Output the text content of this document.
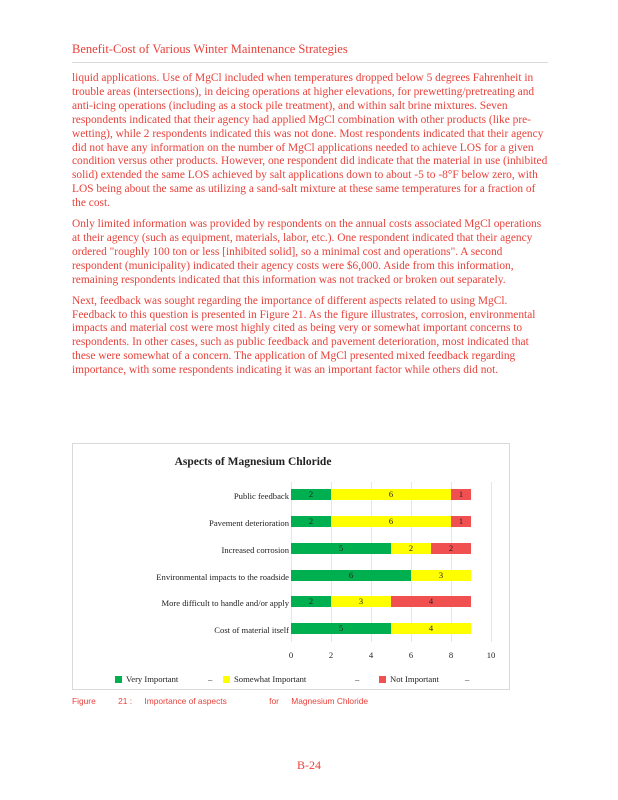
Benefit-Cost of Various Winter Maintenance Strategies

liquid applications. Use of MgCl included when temperatures dropped below 5 degrees Fahrenheit in trouble areas (intersections), in deicing operations at higher elevations, for prewetting/pretreating and anti-icing operations (including as a stock pile treatment), and within salt brine mixtures. Seven respondents indicated that their agency had applied MgCl combination with other products (like pre-wetting), while 2 respondents indicated this was not done. Most respondents indicated that their agency did not have any information on the number of MgCl applications needed to achieve LOS for a given condition versus other products. However, one respondent did indicate that the material in use (inhibited solid) extended the same LOS achieved by salt applications down to about -5 to -8°F below zero, with LOS being about the same as utilizing a sand-salt mixture at these same temperatures for a fraction of the cost.

Only limited information was provided by respondents on the annual costs associated MgCl operations at their agency (such as equipment, materials, labor, etc.). One respondent indicated that their agency ordered "roughly 100 ton or less [inhibited solid], so a minimal cost and operations". A second respondent (municipality) indicated their agency costs were $6,000. Aside from this information, remaining respondents indicated that this information was not tracked or broken out separately.

Next, feedback was sought regarding the importance of different aspects related to using MgCl. Feedback to this question is presented in Figure 21. As the figure illustrates, corrosion, environmental impacts and material cost were most highly cited as being very or somewhat important concerns to respondents. In other cases, such as public feedback and pavement deterioration, most indicated that these were somewhat of a concern. The application of MgCl presented mixed feedback regarding importance, with some respondents indicating it was an important factor while others did not.

Aspects of Magnesium Chloride
Public feedback
Pavement deterioration
Increased corrosion
Environmental impacts to the roadside
More difficult to handle and/or apply
Cost of material itself
2	6	1
2	6	1
5	2	2
6	3
2	3	4
5	4
0	2	4	6	8	10
Very Important	–	Somewhat Important	–	Not Important	–
Figure	21 : Importance of aspects	for Magnesium Chloride
B-24
